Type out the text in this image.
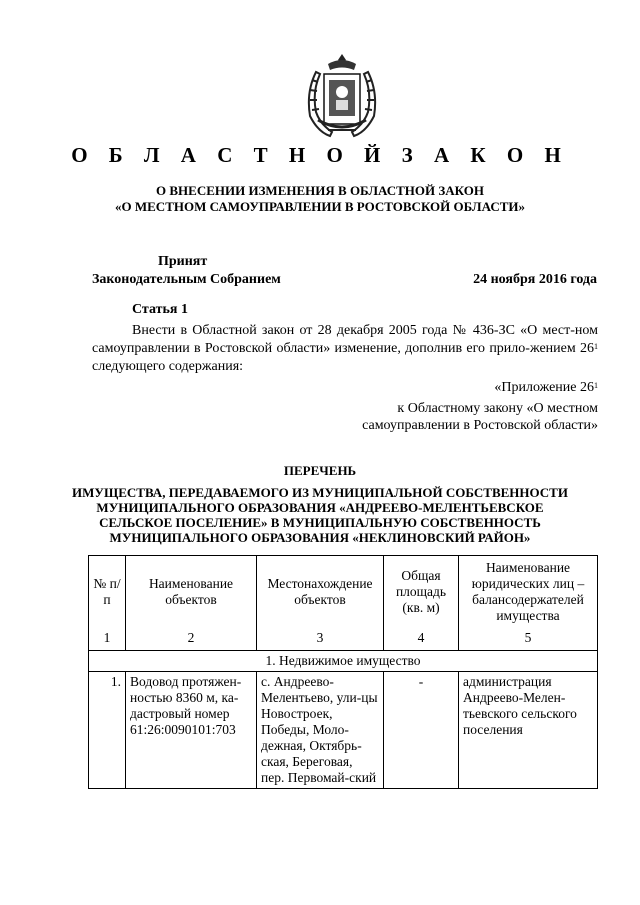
О Б Л А С Т Н О Й З А К О Н
О ВНЕСЕНИИ ИЗМЕНЕНИЯ В ОБЛАСТНОЙ ЗАКОН
«О МЕСТНОМ САМОУПРАВЛЕНИИ В РОСТОВСКОЙ ОБЛАСТИ»
Принят
Законодательным Собранием	24 ноября 2016 года
Статья 1
Внести в Областной закон от 28 декабря 2005 года № 436-ЗС «О мест-ном самоуправлении в Ростовской области» изменение, дополнив его прило-жением $26^1$ следующего содержания:
«Приложение $26^1$
к Областному закону «О местном
самоуправлении в Ростовской области»
ПЕРЕЧЕНЬ
ИМУЩЕСТВА, ПЕРЕДАВАЕМОГО ИЗ МУНИЦИПАЛЬНОЙ СОБСТВЕННОСТИ
МУНИЦИПАЛЬНОГО ОБРАЗОВАНИЯ «АНДРЕЕВО-МЕЛЕНТЬЕВСКОЕ
СЕЛЬСКОЕ ПОСЕЛЕНИЕ» В МУНИЦИПАЛЬНУЮ СОБСТВЕННОСТЬ
МУНИЦИПАЛЬНОГО ОБРАЗОВАНИЯ «НЕКЛИНОВСКИЙ РАЙОН»
№ п/п	Наименование объектов	Местонахождение объектов	Общая площадь (кв. м)	Наименование юридических лиц – балансодержателей имущества
1	2	3	4	5
1. Недвижимое имущество				
1.	Водовод протяжен-ностью 8360 м, ка-дастровый номер 61:26:0090101:703	с. Андреево-Мелентьево, ули-цы Новостроек, Победы, Моло-дежная, Октябрь-ская, Береговая, пер. Первомай-ский	-	администрация Андреево-Мелен-тьевского сельского поселения
